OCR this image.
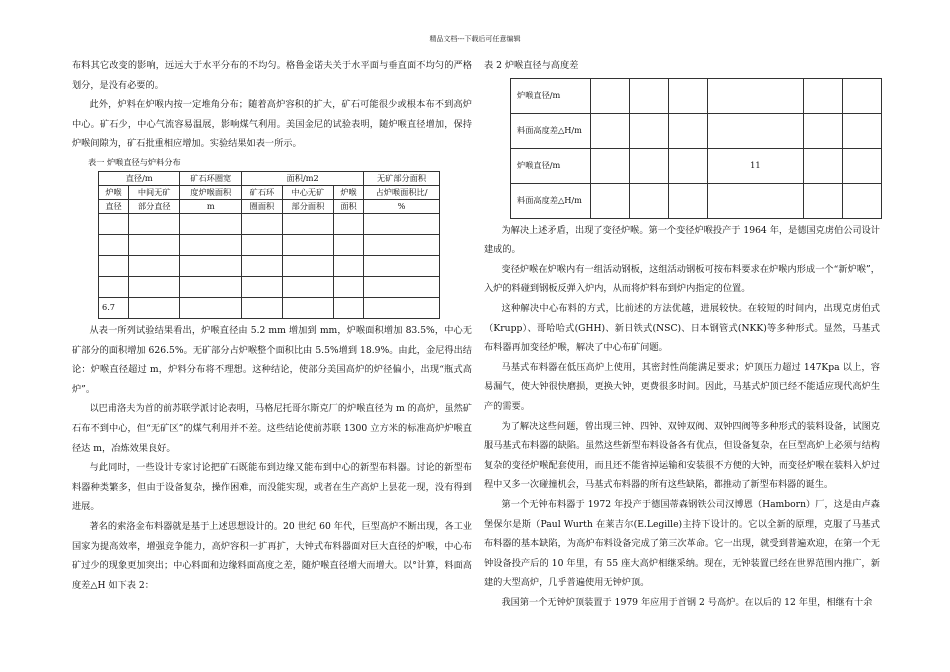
精品文档---下载后可任意编辑

布料其它改变的影响，远远大于水平分布的不均匀。格鲁金诺夫关于水平面与垂直面不均匀的严格划分，是没有必要的。

此外，炉料在炉喉内按一定堆角分布；随着高炉容积的扩大，矿石可能很少或根本布不到高炉中心。矿石少，中心气流容易温展，影响煤气利用。美国金尼的试验表明，随炉喉直径增加，保持炉喉间隙为，矿石批重相应增加。实验结果如表一所示。

表一 炉喉直径与炉料分布
直径/m		矿石环圈宽	面积/m2			无矿部分面积
炉喉	中间无矿	度炉喉面积	矿石环	中心无矿	炉喉	占炉喉面积比/
直径	部分直径	m	圈面积	部分面积	面积	%

6.7						

从表一所列试验结果看出，炉喉直径由 5.2 mm 增加到 mm，炉喉面积增加 83.5%，中心无矿部分的面积增加 626.5%。无矿部分占炉喉整个面积比由 5.5%增到 18.9%。由此，金尼得出结论：炉喉直径超过 m，炉料分布将不理想。这种结论，使部分美国高炉的炉径偏小，出现“瓶式高炉”。

以巴甫洛夫为首的前苏联学派讨论表明，马格尼托哥尔斯克厂的炉喉直径为 m 的高炉，虽然矿石布不到中心，但“无矿区”的煤气利用并不差。这些结论使前苏联 1300 立方米的标准高炉炉喉直径达 m，冶炼效果良好。

与此同时，一些设计专家讨论把矿石既能布到边缘又能布到中心的新型布料器。讨论的新型布料器种类繁多，但由于设备复杂，操作困难，而没能实现，或者在生产高炉上昙花一现，没有得到进展。

著名的索洛金布料器就是基于上述思想设计的。20 世纪 60 年代，巨型高炉不断出现，各工业国家为提高效率，增强竞争能力，高炉容积一扩再扩，大钟式布料器面对巨大直径的炉喉，中心布矿过少的现象更加突出；中心料面和边缘料面高度之差，随炉喉直径增大而增大。以°计算，料面高度差△H 如下表 2：

表 2 炉喉直径与高度差
炉喉直径/m						
料面高度差△H/m						
炉喉直径/m				11		
料面高度差△H/m						

为解决上述矛盾，出现了变径炉喉。第一个变径炉喉投产于 1964 年，是德国克虏伯公司设计建成的。

变径炉喉在炉喉内有一组活动钢板，这组活动钢板可按布料要求在炉喉内形成一个“新炉喉”，入炉的料碰到钢板反弹入炉内，从而将炉料布到炉内指定的位置。

这种解决中心布料的方式，比前述的方法优越，进展较快。在较短的时间内，出现克虏伯式（Krupp）、哥哈哈式(GHH)、新日铁式(NSC)、日本钢管式(NKK)等多种形式。显然，马基式布料器再加变径炉喉，解决了中心布矿问题。

马基式布料器在低压高炉上使用，其密封性尚能满足要求；炉顶压力超过 147Kpa 以上，容易漏气，使大钟很快磨损，更换大钟，更费很多时间。因此，马基式炉顶已经不能适应现代高炉生产的需要。

为了解决这些问题，曾出现三钟、四钟、双钟双阀、双钟四阀等多种形式的装料设备，试图克服马基式布料器的缺陷。虽然这些新型布料设备各有优点，但设备复杂，在巨型高炉上必须与结构复杂的变径炉喉配套使用，而且还不能省掉运输和安装很不方便的大钟，而变径炉喉在装料入炉过程中又多一次碰撞机会，马基式布料器的所有这些缺陷，都推动了新型布料器的诞生。

第一个无钟布料器于 1972 年投产于德国蒂森钢铁公司汉博恩（Hamborn）厂，这是由卢森堡保尔是斯（Paul Wurth 在莱吉尔(E.Legille)主持下设计的。它以全新的原理，克服了马基式布料器的基本缺陷，为高炉布料设备完成了第三次革命。它一出现，就受到普遍欢迎，在第一个无钟设备投产后的 10 年里，有 55 座大高炉相继采纳。现在，无钟装置已经在世界范围内推广，新建的大型高炉，几乎普遍使用无钟炉顶。

我国第一个无钟炉顶装置于 1979 年应用于首钢 2 号高炉。在以后的 12 年里，相继有十余
